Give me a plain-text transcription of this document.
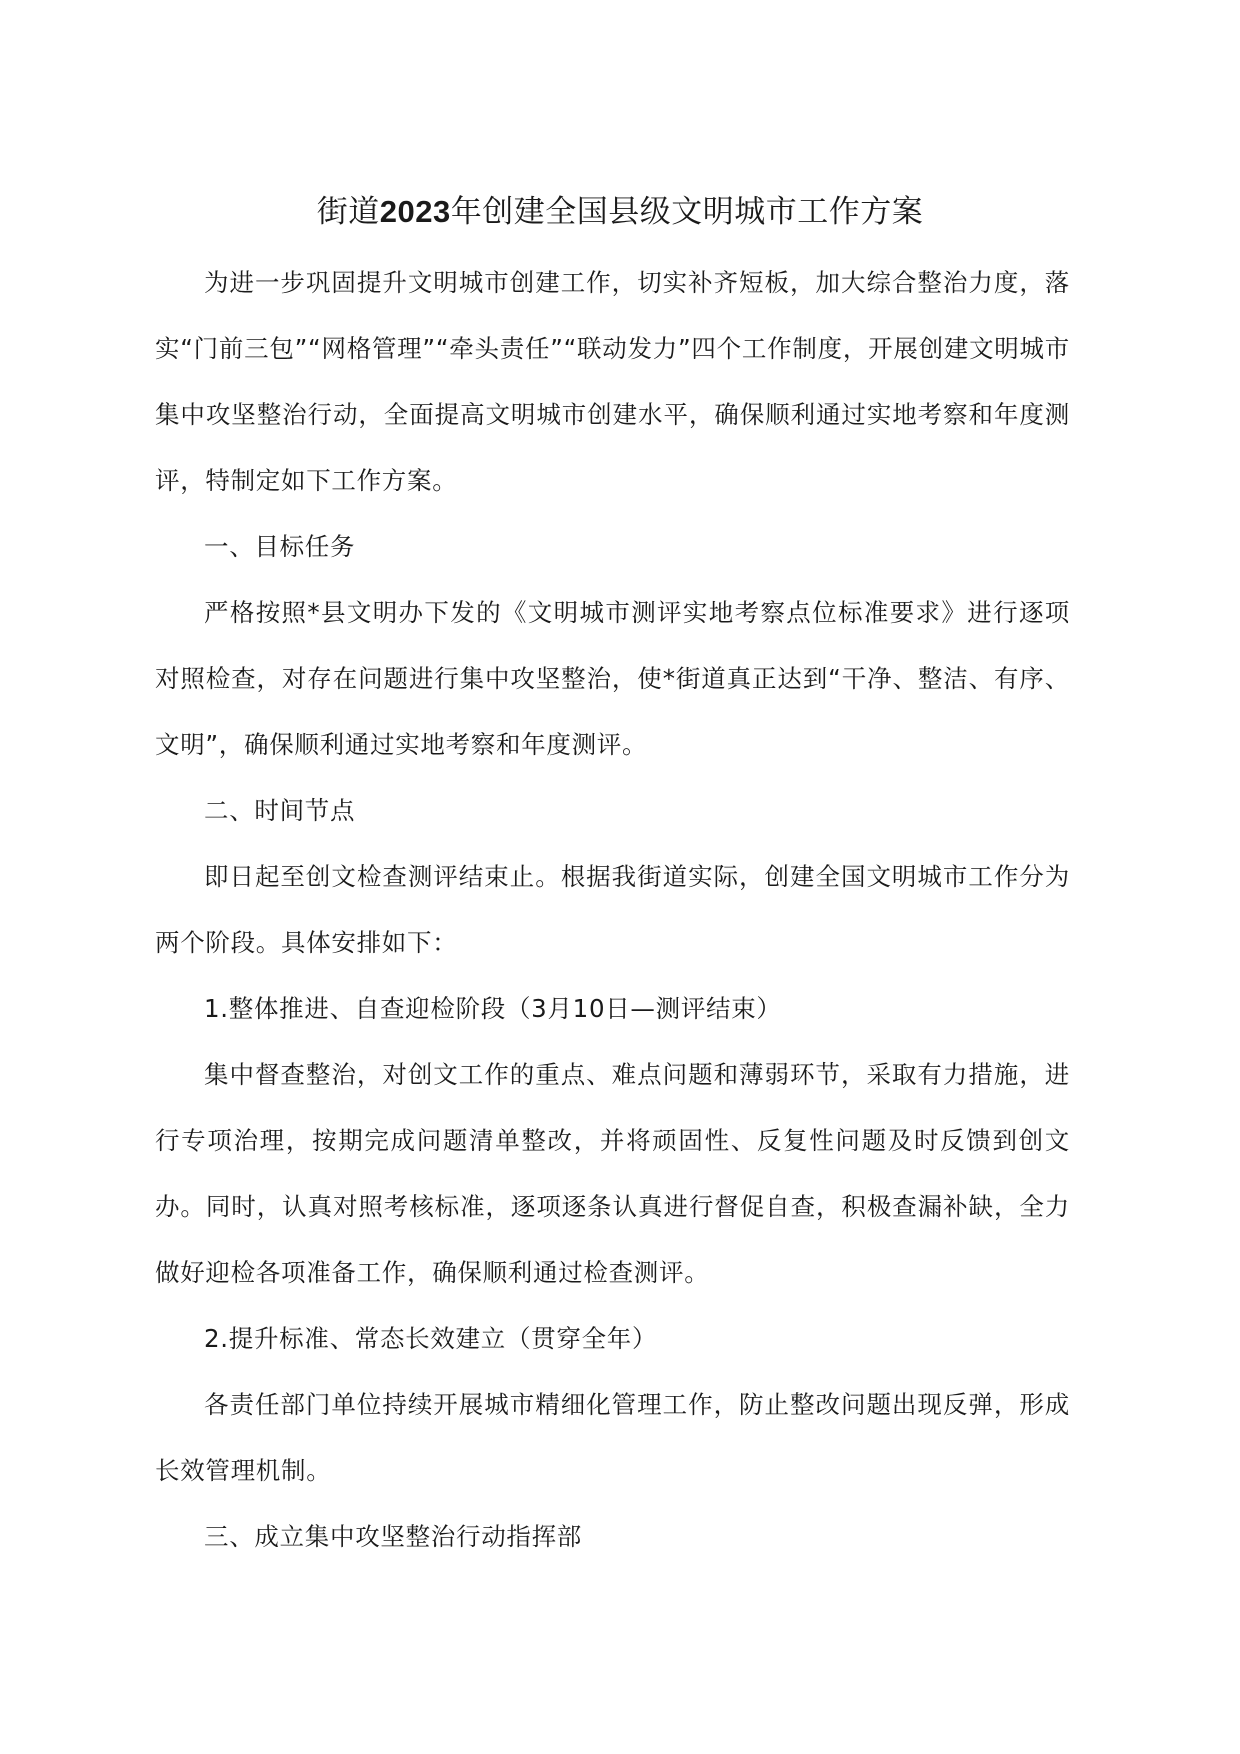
街道2023年创建全国县级文明城市工作方案

为进一步巩固提升文明城市创建工作，切实补齐短板，加大综合整治力度，落实“门前三包”“网格管理”“牵头责任”“联动发力”四个工作制度，开展创建文明城市集中攻坚整治行动，全面提高文明城市创建水平，确保顺利通过实地考察和年度测评，特制定如下工作方案。

一、目标任务

严格按照*县文明办下发的《文明城市测评实地考察点位标准要求》进行逐项对照检查，对存在问题进行集中攻坚整治，使*街道真正达到“干净、整洁、有序、文明”，确保顺利通过实地考察和年度测评。

二、时间节点

即日起至创文检查测评结束止。根据我街道实际，创建全国文明城市工作分为两个阶段。具体安排如下：

1.整体推进、自查迎检阶段（3月10日—测评结束）

集中督查整治，对创文工作的重点、难点问题和薄弱环节，采取有力措施，进行专项治理，按期完成问题清单整改，并将顽固性、反复性问题及时反馈到创文办。同时，认真对照考核标准，逐项逐条认真进行督促自查，积极查漏补缺，全力做好迎检各项准备工作，确保顺利通过检查测评。

2.提升标准、常态长效建立（贯穿全年）

各责任部门单位持续开展城市精细化管理工作，防止整改问题出现反弹，形成长效管理机制。

三、成立集中攻坚整治行动指挥部
